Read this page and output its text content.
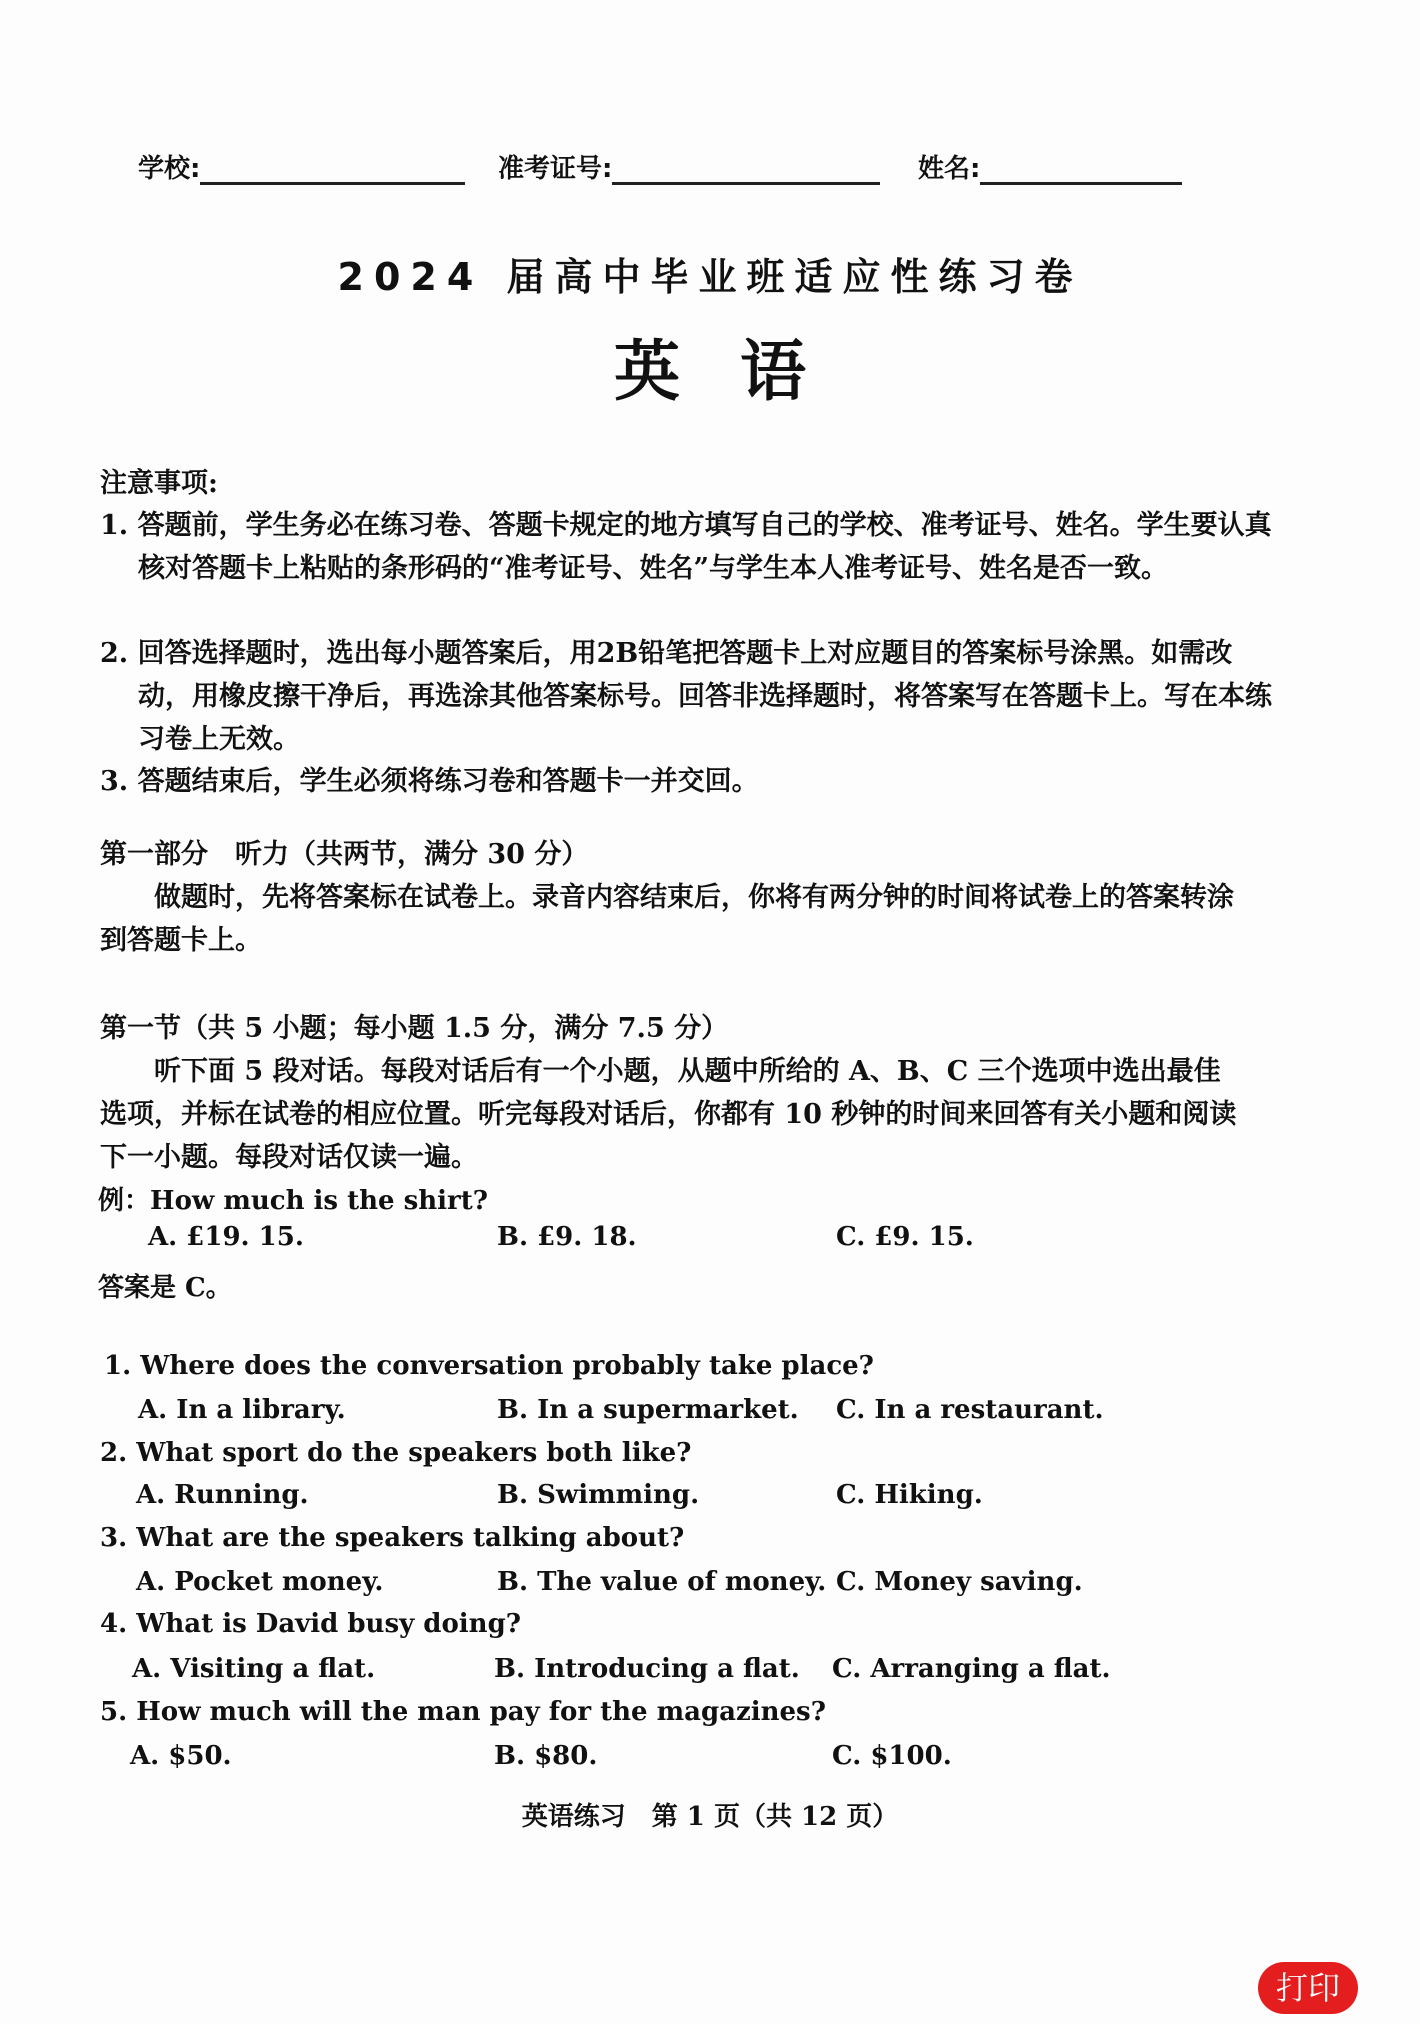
学校:	准考证号:	姓名:
2024 届高中毕业班适应性练习卷
英语
注意事项:
1. 答题前，学生务必在练习卷、答题卡规定的地方填写自己的学校、准考证号、姓名。学生要认真核对答题卡上粘贴的条形码的“准考证号、姓名”与学生本人准考证号、姓名是否一致。
2. 回答选择题时，选出每小题答案后，用2B铅笔把答题卡上对应题目的答案标号涂黑。如需改动，用橡皮擦干净后，再选涂其他答案标号。回答非选择题时，将答案写在答题卡上。写在本练习卷上无效。
3. 答题结束后，学生必须将练习卷和答题卡一并交回。
第一部分　听力（共两节，满分 30 分）
做题时，先将答案标在试卷上。录音内容结束后，你将有两分钟的时间将试卷上的答案转涂到答题卡上。
第一节（共 5 小题；每小题 1.5 分，满分 7.5 分）
听下面 5 段对话。每段对话后有一个小题，从题中所给的 A、B、C 三个选项中选出最佳选项，并标在试卷的相应位置。听完每段对话后，你都有 10 秒钟的时间来回答有关小题和阅读下一小题。每段对话仅读一遍。
例：How much is the shirt?
A. £19. 15.	B. £9. 18.	C. £9. 15.
答案是 C。
1. Where does the conversation probably take place?
A. In a library.	B. In a supermarket. C. In a restaurant.
2. What sport do the speakers both like?
A. Running.	B. Swimming.	C. Hiking.
3. What are the speakers talking about?
A. Pocket money.	B. The value of money. C. Money saving.
4. What is David busy doing?
A. Visiting a flat.	B. Introducing a flat. C. Arranging a flat.
5. How much will the man pay for the magazines?
A. $50.	B. $80.	C. $100.
英语练习　第 1 页（共 12 页）
打印
